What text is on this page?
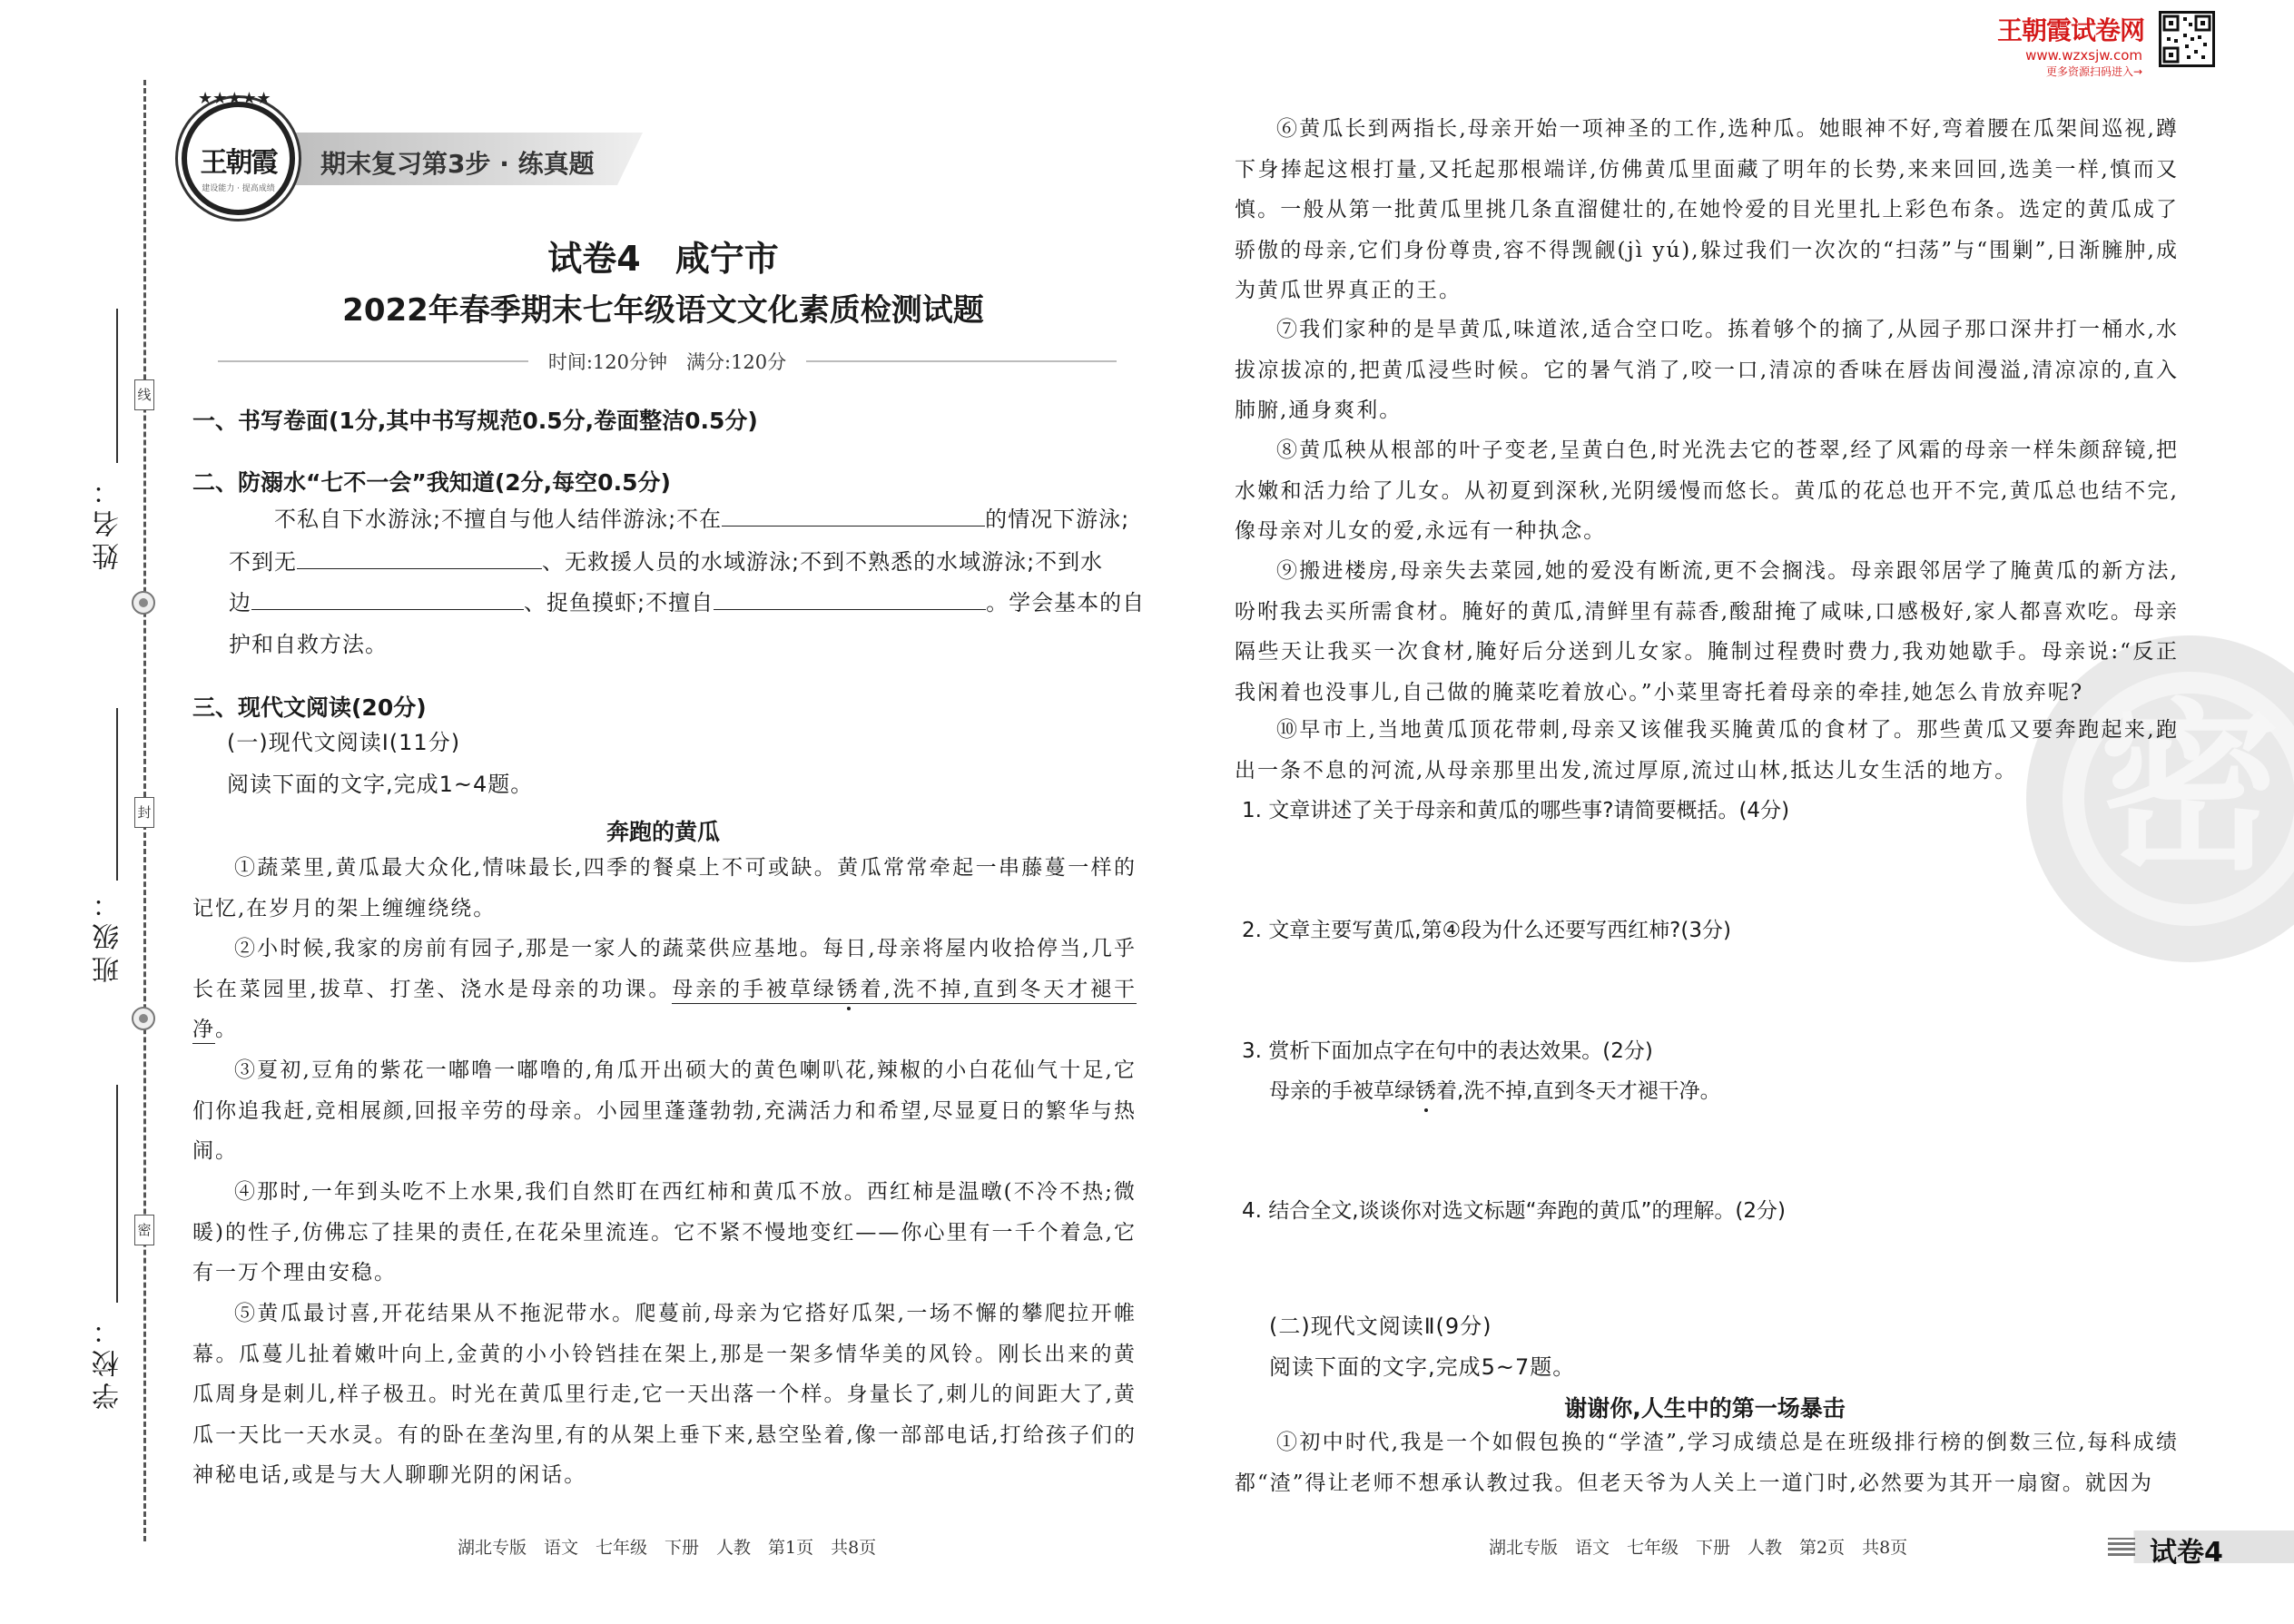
姓名：
班级：
学校：
线
封
密
期末复习第3步 · 练真题
★★★★★
王朝霞
建设能力 · 提高成绩
王朝霞试卷网
www.wzxsjw.com
更多资源扫码进入→
密
试卷4　咸宁市
2022年春季期末七年级语文文化素质检测试题
时间:120分钟　满分:120分
一、书写卷面(1分,其中书写规范0.5分,卷面整洁0.5分)
二、防溺水“七不一会”我知道(2分,每空0.5分)
不私自下水游泳;不擅自与他人结伴游泳;不在	的情况下游泳;
不到无	、无救援人员的水域游泳;不到不熟悉的水域游泳;不到水
边	、捉鱼摸虾;不擅自	。学会基本的自
护和自救方法。
三、现代文阅读(20分)
(一)现代文阅读Ⅰ(11分)
阅读下面的文字,完成1~4题。
奔跑的黄瓜
①蔬菜里,黄瓜最大众化,情味最长,四季的餐桌上不可或缺。黄瓜常常牵起一串藤蔓一样的记忆,在岁月的架上缠缠绕绕。
②小时候,我家的房前有园子,那是一家人的蔬菜供应基地。每日,母亲将屋内收拾停当,几乎长在菜园里,拔草、打垄、浇水是母亲的功课。母亲的手被草绿锈着,洗不掉,直到冬天才褪干净。
③夏初,豆角的紫花一嘟噜一嘟噜的,角瓜开出硕大的黄色喇叭花,辣椒的小白花仙气十足,它们你追我赶,竞相展颜,回报辛劳的母亲。小园里蓬蓬勃勃,充满活力和希望,尽显夏日的繁华与热闹。
④那时,一年到头吃不上水果,我们自然盯在西红柿和黄瓜不放。西红柿是温暾(不冷不热;微暖)的性子,仿佛忘了挂果的责任,在花朵里流连。它不紧不慢地变红——你心里有一千个着急,它有一万个理由安稳。
⑤黄瓜最讨喜,开花结果从不拖泥带水。爬蔓前,母亲为它搭好瓜架,一场不懈的攀爬拉开帷幕。瓜蔓儿扯着嫩叶向上,金黄的小小铃铛挂在架上,那是一架多情华美的风铃。刚长出来的黄瓜周身是刺儿,样子极丑。时光在黄瓜里行走,它一天出落一个样。身量长了,刺儿的间距大了,黄瓜一天比一天水灵。有的卧在垄沟里,有的从架上垂下来,悬空坠着,像一部部电话,打给孩子们的神秘电话,或是与大人聊聊光阴的闲话。
湖北专版　语文　七年级　下册　人教　第1页　共8页
⑥黄瓜长到两指长,母亲开始一项神圣的工作,选种瓜。她眼神不好,弯着腰在瓜架间巡视,蹲下身捧起这根打量,又托起那根端详,仿佛黄瓜里面藏了明年的长势,来来回回,选美一样,慎而又慎。一般从第一批黄瓜里挑几条直溜健壮的,在她怜爱的目光里扎上彩色布条。选定的黄瓜成了骄傲的母亲,它们身份尊贵,容不得觊觎(jì yú),躲过我们一次次的“扫荡”与“围剿”,日渐臃肿,成为黄瓜世界真正的王。
⑦我们家种的是旱黄瓜,味道浓,适合空口吃。拣着够个的摘了,从园子那口深井打一桶水,水拔凉拔凉的,把黄瓜浸些时候。它的暑气消了,咬一口,清凉的香味在唇齿间漫溢,清凉凉的,直入肺腑,通身爽利。
⑧黄瓜秧从根部的叶子变老,呈黄白色,时光洗去它的苍翠,经了风霜的母亲一样朱颜辞镜,把水嫩和活力给了儿女。从初夏到深秋,光阴缓慢而悠长。黄瓜的花总也开不完,黄瓜总也结不完,像母亲对儿女的爱,永远有一种执念。
⑨搬进楼房,母亲失去菜园,她的爱没有断流,更不会搁浅。母亲跟邻居学了腌黄瓜的新方法,吩咐我去买所需食材。腌好的黄瓜,清鲜里有蒜香,酸甜掩了咸味,口感极好,家人都喜欢吃。母亲隔些天让我买一次食材,腌好后分送到儿女家。腌制过程费时费力,我劝她歇手。母亲说:“反正我闲着也没事儿,自己做的腌菜吃着放心。”小菜里寄托着母亲的牵挂,她怎么肯放弃呢?
⑩早市上,当地黄瓜顶花带刺,母亲又该催我买腌黄瓜的食材了。那些黄瓜又要奔跑起来,跑出一条不息的河流,从母亲那里出发,流过厚原,流过山林,抵达儿女生活的地方。
1. 文章讲述了关于母亲和黄瓜的哪些事?请简要概括。(4分)
2. 文章主要写黄瓜,第④段为什么还要写西红柿?(3分)
3. 赏析下面加点字在句中的表达效果。(2分)
母亲的手被草绿锈着,洗不掉,直到冬天才褪干净。
4. 结合全文,谈谈你对选文标题“奔跑的黄瓜”的理解。(2分)
(二)现代文阅读Ⅱ(9分)
阅读下面的文字,完成5~7题。
谢谢你,人生中的第一场暴击
①初中时代,我是一个如假包换的“学渣”,学习成绩总是在班级排行榜的倒数三位,每科成绩都“渣”得让老师不想承认教过我。但老天爷为人关上一道门时,必然要为其开一扇窗。就因为
湖北专版　语文　七年级　下册　人教　第2页　共8页	试卷4
